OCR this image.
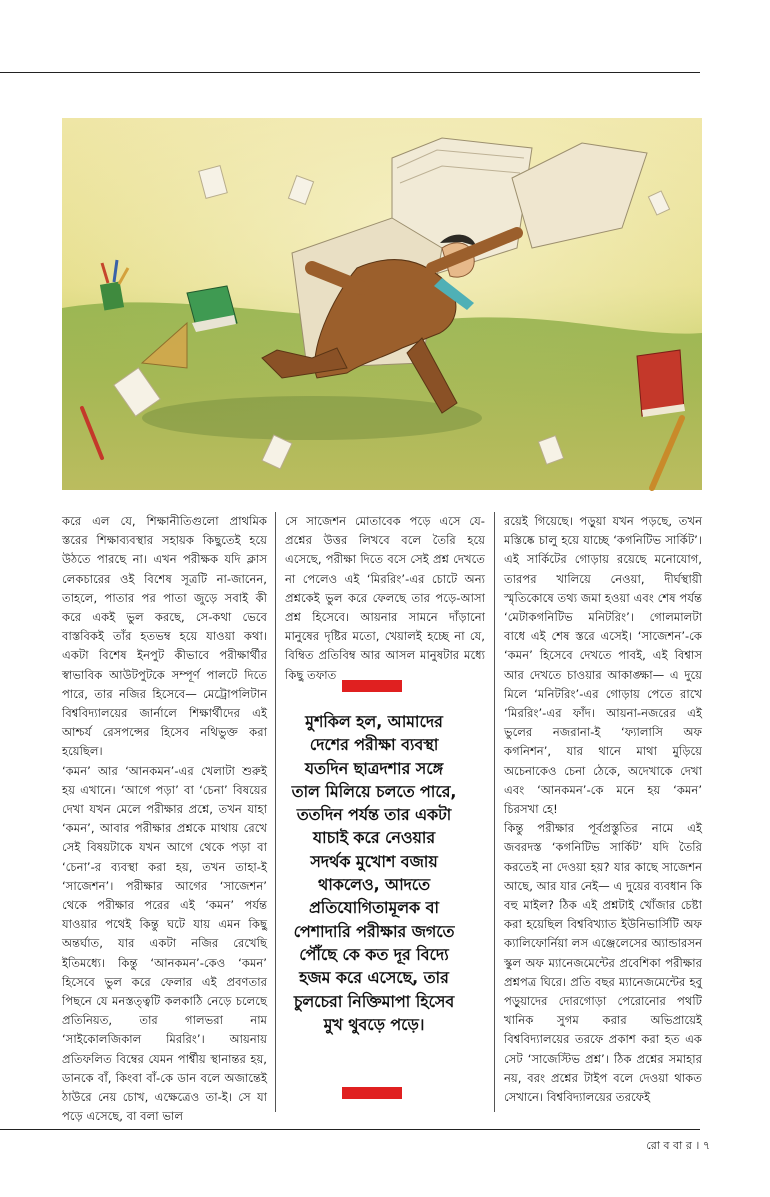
করে এল যে, শিক্ষানীতিগুলো প্রাথমিক স্তরের শিক্ষাব্যবস্থার সহায়ক কিছুতেই হয়ে উঠতে পারছে না। এখন পরীক্ষক যদি ক্লাস লেকচারের ওই বিশেষ সূত্রটি না-জানেন, তাহলে, পাতার পর পাতা জুড়ে সবাই কী করে একই ভুল করছে, সে-কথা ভেবে বাস্তবিকই তাঁর হতভম্ব হয়ে যাওয়া কথা। একটা বিশেষ ইনপুট কীভাবে পরীক্ষার্থীর স্বাভাবিক আউটপুটকে সম্পূর্ণ পালটে দিতে পারে, তার নজির হিসেবে— মেট্রোপলিটান বিশ্ববিদ্যালয়ের জার্নালে শিক্ষার্থীদের এই আশ্চর্য রেসপন্সের হিসেব নথিভুক্ত করা হয়েছিল।
‘কমন’ আর ‘আনকমন’-এর খেলাটা শুরুই হয় এখানে। ‘আগে পড়া’ বা ‘চেনা’ বিষয়ের দেখা যখন মেলে পরীক্ষার প্রশ্নে, তখন যাহা ‘কমন’, আবার পরীক্ষার প্রশ্নকে মাথায় রেখে সেই বিষয়টাকে যখন আগে থেকে পড়া বা ‘চেনা’-র ব্যবস্থা করা হয়, তখন তাহা-ই ‘সাজেশন’। পরীক্ষার আগের ‘সাজেশন’ থেকে পরীক্ষার পরের এই ‘কমন’ পর্যন্ত যাওয়ার পথেই কিন্তু ঘটে যায় এমন কিছু অন্তর্ঘাত, যার একটা নজির রেখেছি ইতিমধ্যে। কিন্তু ‘আনকমন’-কেও ‘কমন’ হিসেবে ভুল করে ফেলার এই প্রবণতার পিছনে যে মনস্তত্ত্বটি কলকাঠি নেড়ে চলেছে প্রতিনিয়ত, তার গালভরা নাম ‘সাইকোলজিকাল মিররিং’। আয়নায় প্রতিফলিত বিম্বের যেমন পার্শ্বীয় স্থানান্তর হয়, ডানকে বাঁ, কিংবা বাঁ-কে ডান বলে অজান্তেই ঠাউরে নেয় চোখ, এক্ষেত্রেও তা-ই। সে যা পড়ে এসেছে, বা বলা ভাল
সে সাজেশন মোতাবেক পড়ে এসে যে-প্রশ্নের উত্তর লিখবে বলে তৈরি হয়ে এসেছে, পরীক্ষা দিতে বসে সেই প্রশ্ন দেখতে না পেলেও এই ‘মিররিং’-এর চোটে অন্য প্রশ্নকেই ভুল করে ফেলছে তার পড়ে-আসা প্রশ্ন হিসেবে। আয়নার সামনে দাঁড়ানো মানুষের দৃষ্টির মতো, খেয়ালই হচ্ছে না যে, বিম্বিত প্রতিবিম্ব আর আসল মানুষটার মধ্যে কিছু তফাত
মুশকিল হল, আমাদের দেশের পরীক্ষা ব্যবস্থা যতদিন ছাত্রদশার সঙ্গে তাল মিলিয়ে চলতে পারে, ততদিন পর্যন্ত তার একটা যাচাই করে নেওয়ার সদর্থক মুখোশ বজায় থাকলেও, আদতে প্রতিযোগিতামূলক বা পেশাদারি পরীক্ষার জগতে পৌঁছে কে কত দূর বিদ্যে হজম করে এসেছে, তার চুলচেরা নিক্তিমাপা হিসেব মুখ থুবড়ে পড়ে।
রয়েই গিয়েছে। পড়ুয়া যখন পড়ছে, তখন মস্তিষ্কে চালু হয়ে যাচ্ছে ‘কগনিটিভ সার্কিট’। এই সার্কিটের গোড়ায় রয়েছে মনোযোগ, তারপর খালিয়ে নেওয়া, দীর্ঘস্থায়ী স্মৃতিকোষে তথ্য জমা হওয়া এবং শেষ পর্যন্ত ‘মেটাকগনিটিভ মনিটরিং’। গোলমালটা বাধে এই শেষ স্তরে এসেই। ‘সাজেশন’-কে ‘কমন’ হিসেবে দেখতে পাবই, এই বিশ্বাস আর দেখতে চাওয়ার আকাঙ্ক্ষা— এ দুয়ে মিলে ‘মনিটরিং’-এর গোড়ায় পেতে রাখে ‘মিররিং’-এর ফাঁদ। আয়না-নজরের এই ভুলের নজরানা-ই ‘ফ্যালাসি অফ কগনিশন’, যার থানে মাথা মুড়িয়ে অচেনাকেও চেনা ঠেকে, অদেখাকে দেখা এবং ‘আনকমন’-কে মনে হয় ‘কমন’ চিরসখা হে!
কিন্তু পরীক্ষার পূর্বপ্রস্তুতির নামে এই জবরদস্ত ‘কগনিটিভ সার্কিট’ যদি তৈরি করতেই না দেওয়া হয়? যার কাছে সাজেশন আছে, আর যার নেই— এ দুয়ের ব্যবধান কি বহু মাইল? ঠিক এই প্রশ্নটাই খোঁজার চেষ্টা করা হয়েছিল বিশ্ববিখ্যাত ইউনিভার্সিটি অফ ক্যালিফোর্নিয়া লস এঞ্জেলেসের অ্যান্ডারসন স্কুল অফ ম্যানেজমেন্টের প্রবেশিকা পরীক্ষার প্রশ্নপত্র ঘিরে। প্রতি বছর ম্যানেজমেন্টের হবু পড়ুয়াদের দোরগোড়া পেরোনোর পথটি খানিক সুগম করার অভিপ্রায়েই বিশ্ববিদ্যালয়ের তরফে প্রকাশ করা হত এক সেট ‘সাজেস্টিভ প্রশ্ন’। ঠিক প্রশ্নের সমাহার নয়, বরং প্রশ্নের টাইপ বলে দেওয়া থাকত সেখানে। বিশ্ববিদ্যালয়ের তরফেই
রো ব বা র । ৭
